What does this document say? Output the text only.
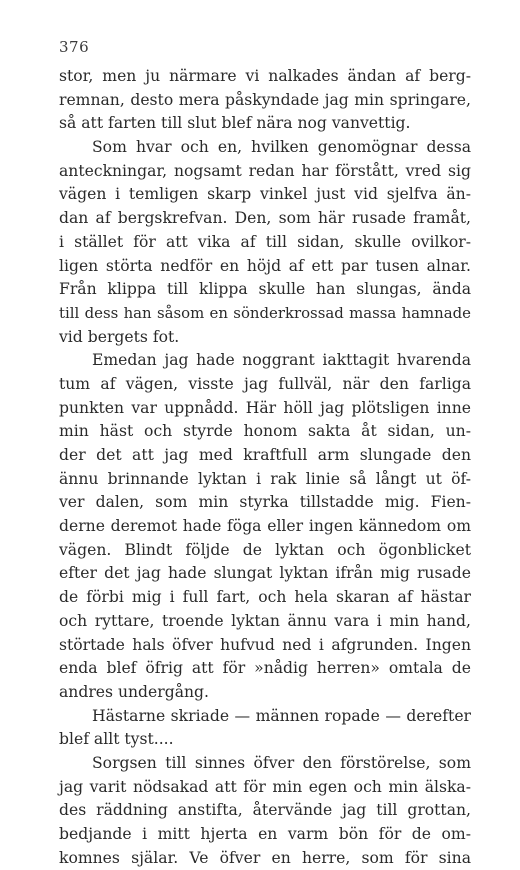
376
stor, men ju närmare vi nalkades ändan af berg-
remnan, desto mera påskyndade jag min springare,
så att farten till slut blef nära nog vanvettig.
Som hvar och en, hvilken genomögnar dessa
anteckningar, nogsamt redan har förstått, vred sig
vägen i temligen skarp vinkel just vid sjelfva än-
dan af bergskrefvan. Den, som här rusade framåt,
i stället för att vika af till sidan, skulle ovilkor-
ligen störta nedför en höjd af ett par tusen alnar.
Från klippa till klippa skulle han slungas, ända
till dess han såsom en sönderkrossad massa hamnade
vid bergets fot.
Emedan jag hade noggrant iakttagit hvarenda
tum af vägen, visste jag fullväl, när den farliga
punkten var uppnådd. Här höll jag plötsligen inne
min häst och styrde honom sakta åt sidan, un-
der det att jag med kraftfull arm slungade den
ännu brinnande lyktan i rak linie så långt ut öf-
ver dalen, som min styrka tillstadde mig. Fien-
derne deremot hade föga eller ingen kännedom om
vägen. Blindt följde de lyktan och ögonblicket
efter det jag hade slungat lyktan ifrån mig rusade
de förbi mig i full fart, och hela skaran af hästar
och ryttare, troende lyktan ännu vara i min hand,
störtade hals öfver hufvud ned i afgrunden. Ingen
enda blef öfrig att för »nådig herren» omtala de
andres undergång.
Hästarne skriade — männen ropade — derefter
blef allt tyst....
Sorgsen till sinnes öfver den förstörelse, som
jag varit nödsakad att för min egen och min älska-
des räddning anstifta, återvände jag till grottan,
bedjande i mitt hjerta en varm bön för de om-
komnes själar. Ve öfver en herre, som för sina
